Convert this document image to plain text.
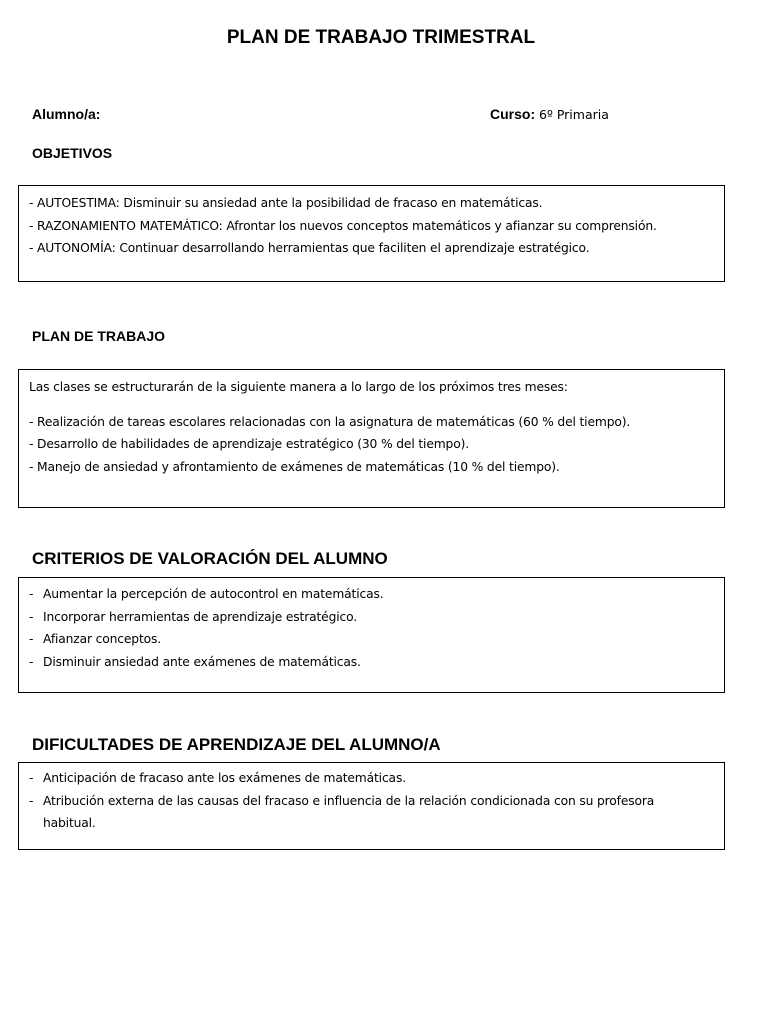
PLAN DE TRABAJO TRIMESTRAL
Alumno/a:	Curso: 6º Primaria
OBJETIVOS
- AUTOESTIMA: Disminuir su ansiedad ante la posibilidad de fracaso en matemáticas.
- RAZONAMIENTO MATEMÁTICO: Afrontar los nuevos conceptos matemáticos y afianzar su comprensión.
- AUTONOMÍA: Continuar desarrollando herramientas que faciliten el aprendizaje estratégico.
PLAN DE TRABAJO
Las clases se estructurarán de la siguiente manera a lo largo de los próximos tres meses:
- Realización de tareas escolares relacionadas con la asignatura de matemáticas (60 % del tiempo).
- Desarrollo de habilidades de aprendizaje estratégico (30 % del tiempo).
- Manejo de ansiedad y afrontamiento de exámenes de matemáticas (10 % del tiempo).
CRITERIOS DE VALORACIÓN DEL ALUMNO
- Aumentar la percepción de autocontrol en matemáticas.
- Incorporar herramientas de aprendizaje estratégico.
- Afianzar conceptos.
- Disminuir ansiedad ante exámenes de matemáticas.
DIFICULTADES DE APRENDIZAJE DEL ALUMNO/A
- Anticipación de fracaso ante los exámenes de matemáticas.
- Atribución externa de las causas del fracaso e influencia de la relación condicionada con su profesora habitual.
